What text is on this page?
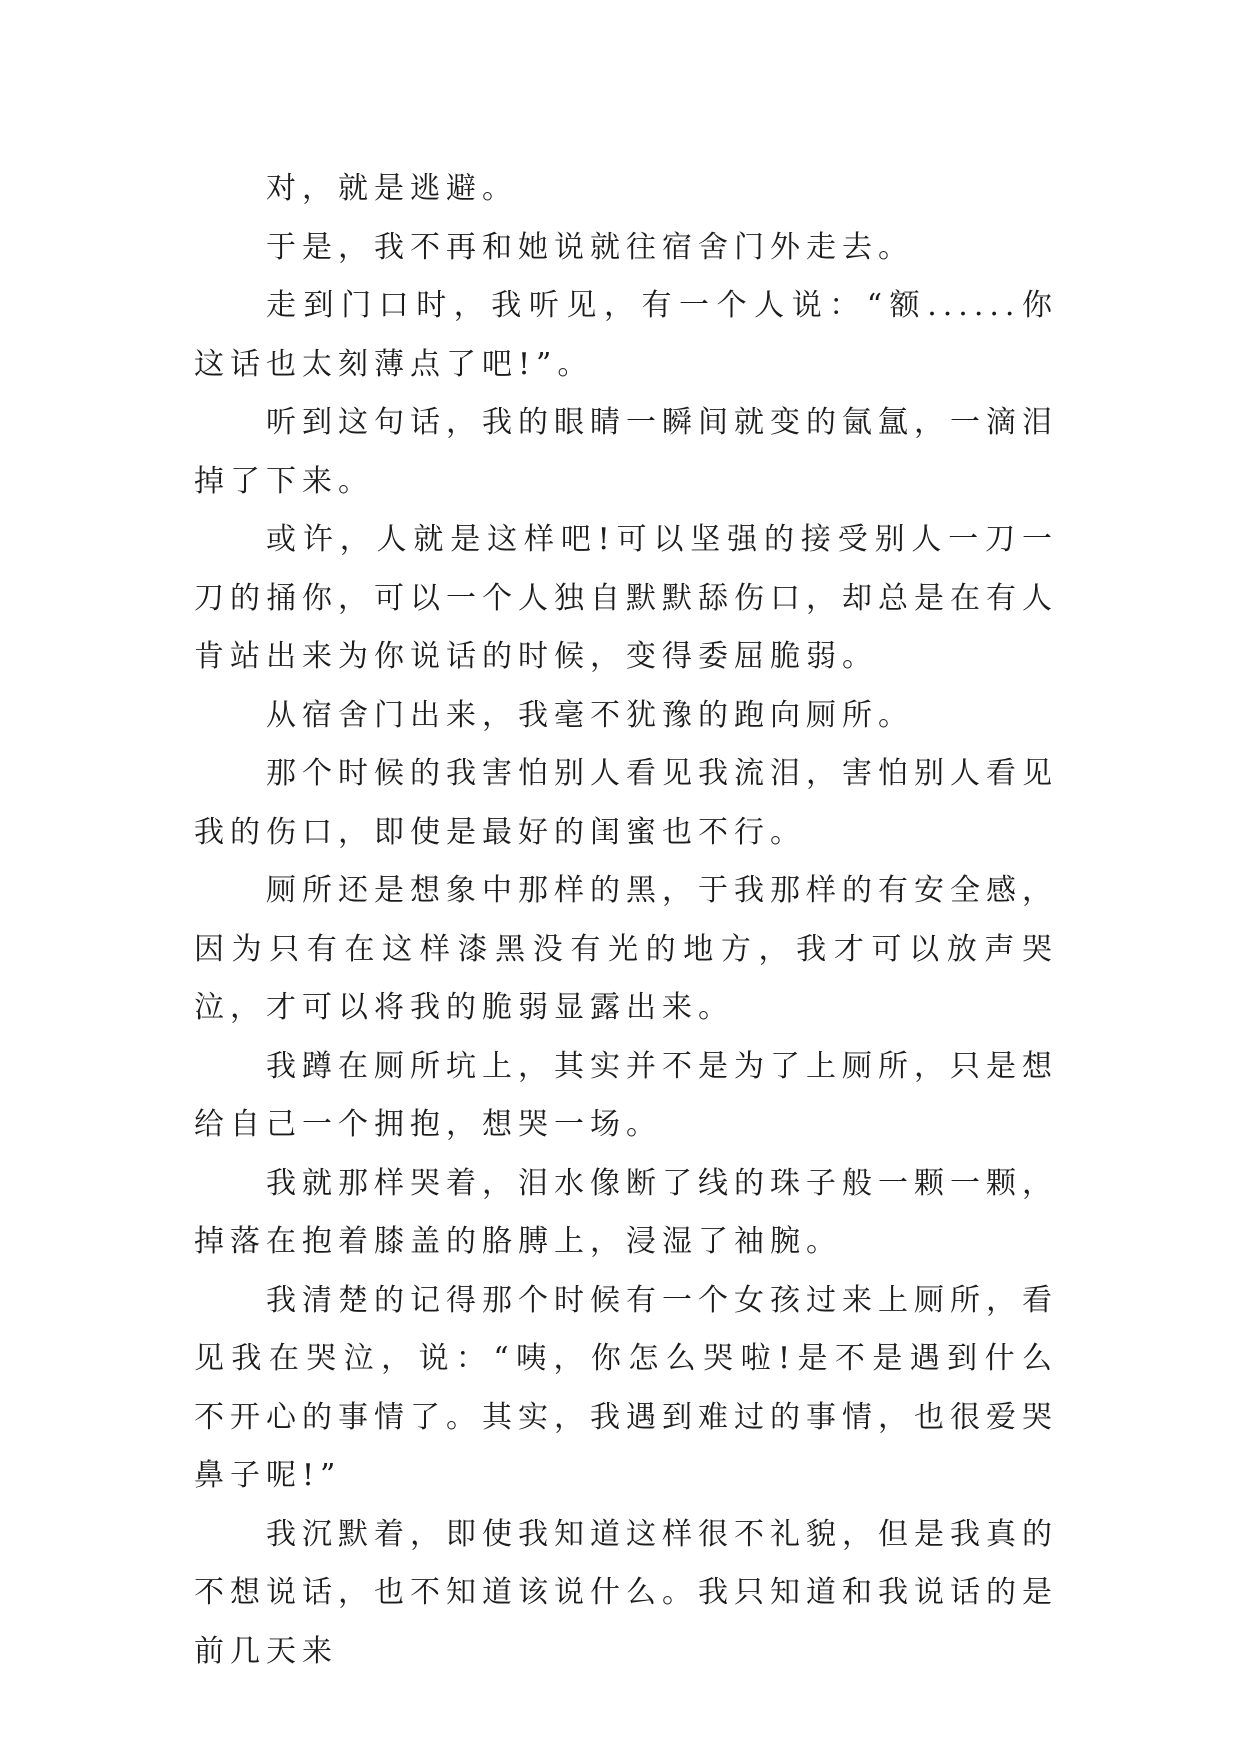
对，就是逃避。

于是，我不再和她说就往宿舍门外走去。

走到门口时，我听见，有一个人说：“额......你这话也太刻薄点了吧!”。

听到这句话，我的眼睛一瞬间就变的氤氲，一滴泪掉了下来。

或许，人就是这样吧!可以坚强的接受别人一刀一刀的捅你，可以一个人独自默默舔伤口，却总是在有人肯站出来为你说话的时候，变得委屈脆弱。

从宿舍门出来，我毫不犹豫的跑向厕所。

那个时候的我害怕别人看见我流泪，害怕别人看见我的伤口，即使是最好的闺蜜也不行。

厕所还是想象中那样的黑，于我那样的有安全感，因为只有在这样漆黑没有光的地方，我才可以放声哭泣，才可以将我的脆弱显露出来。

我蹲在厕所坑上，其实并不是为了上厕所，只是想给自己一个拥抱，想哭一场。

我就那样哭着，泪水像断了线的珠子般一颗一颗，掉落在抱着膝盖的胳膊上，浸湿了袖腕。

我清楚的记得那个时候有一个女孩过来上厕所，看见我在哭泣，说：“咦，你怎么哭啦!是不是遇到什么不开心的事情了。其实，我遇到难过的事情，也很爱哭鼻子呢!”

我沉默着，即使我知道这样很不礼貌，但是我真的不想说话，也不知道该说什么。我只知道和我说话的是前几天来
